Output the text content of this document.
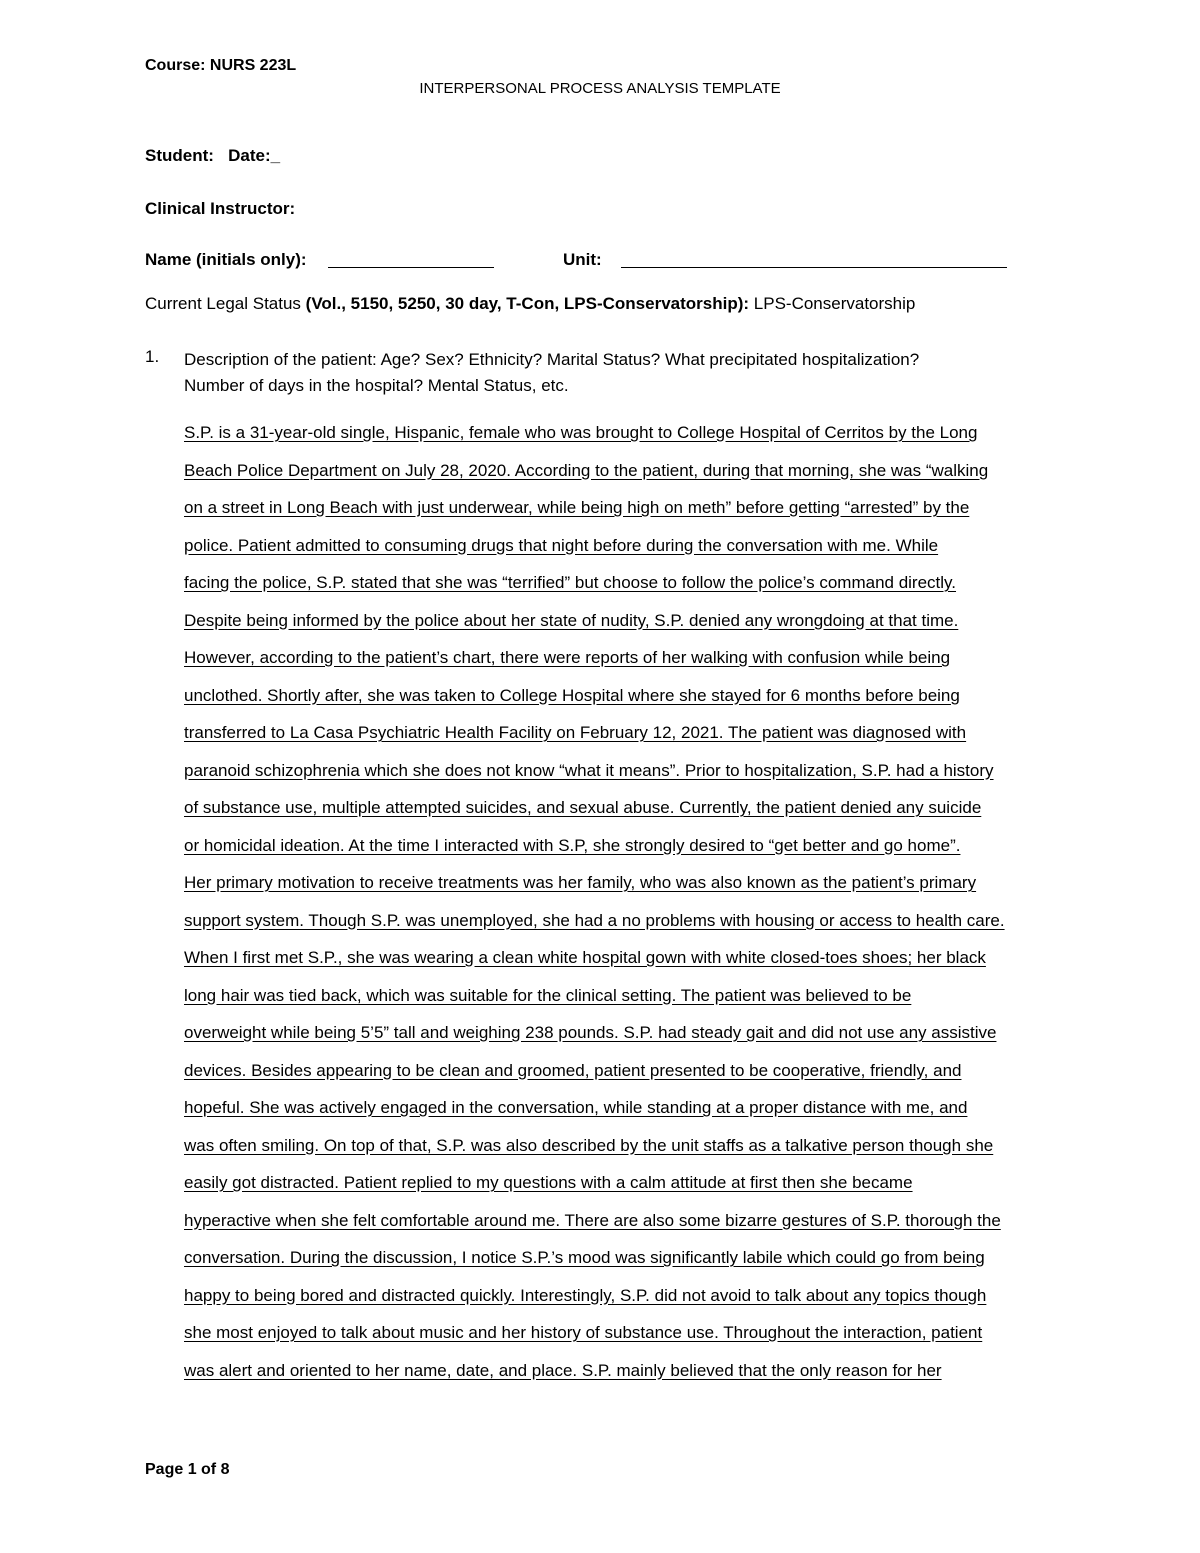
Course: NURS 223L
INTERPERSONAL PROCESS ANALYSIS TEMPLATE
Student: Date:_
Clinical Instructor:
Name (initials only):	Unit:
Current Legal Status (Vol., 5150, 5250, 30 day, T-Con, LPS-Conservatorship): LPS-Conservatorship
1. Description of the patient: Age? Sex? Ethnicity? Marital Status? What precipitated hospitalization?
Number of days in the hospital? Mental Status, etc.
S.P. is a 31-year-old single, Hispanic, female who was brought to College Hospital of Cerritos by the Long
Beach Police Department on July 28, 2020. According to the patient, during that morning, she was “walking
on a street in Long Beach with just underwear, while being high on meth” before getting “arrested” by the
police. Patient admitted to consuming drugs that night before during the conversation with me. While
facing the police, S.P. stated that she was “terrified” but choose to follow the police’s command directly.
Despite being informed by the police about her state of nudity, S.P. denied any wrongdoing at that time.
However, according to the patient’s chart, there were reports of her walking with confusion while being
unclothed. Shortly after, she was taken to College Hospital where she stayed for 6 months before being
transferred to La Casa Psychiatric Health Facility on February 12, 2021. The patient was diagnosed with
paranoid schizophrenia which she does not know “what it means”. Prior to hospitalization, S.P. had a history
of substance use, multiple attempted suicides, and sexual abuse. Currently, the patient denied any suicide
or homicidal ideation. At the time I interacted with S.P, she strongly desired to “get better and go home”.
Her primary motivation to receive treatments was her family, who was also known as the patient’s primary
support system. Though S.P. was unemployed, she had a no problems with housing or access to health care.
When I first met S.P., she was wearing a clean white hospital gown with white closed-toes shoes; her black
long hair was tied back, which was suitable for the clinical setting. The patient was believed to be
overweight while being 5’5” tall and weighing 238 pounds. S.P. had steady gait and did not use any assistive
devices. Besides appearing to be clean and groomed, patient presented to be cooperative, friendly, and
hopeful. She was actively engaged in the conversation, while standing at a proper distance with me, and
was often smiling. On top of that, S.P. was also described by the unit staffs as a talkative person though she
easily got distracted. Patient replied to my questions with a calm attitude at first then she became
hyperactive when she felt comfortable around me. There are also some bizarre gestures of S.P. thorough the
conversation. During the discussion, I notice S.P.’s mood was significantly labile which could go from being
happy to being bored and distracted quickly. Interestingly, S.P. did not avoid to talk about any topics though
she most enjoyed to talk about music and her history of substance use. Throughout the interaction, patient
was alert and oriented to her name, date, and place. S.P. mainly believed that the only reason for her
Page 1 of 8
